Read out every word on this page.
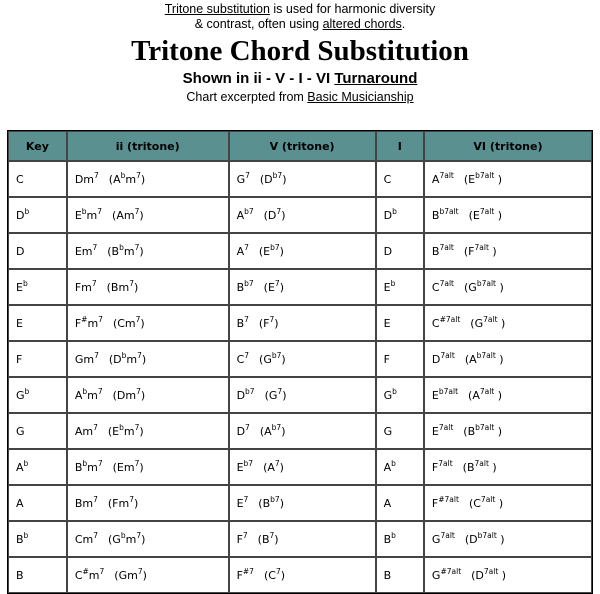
Tritone substitution is used for harmonic diversity
& contrast, often using altered chords.
Tritone Chord Substitution
Shown in ii - V - I - VI Turnaround
Chart excerpted from Basic Musicianship
Key	ii (tritone)	V (tritone)	I	VI (tritone)
C	Dm$^7$ $(A^bm^7)$	$G^7$ $(D^{b7})$	C	$A^{7alt}$ ($E^{b7alt}$ )
$D^b$	$E^bm^7$ (Am$^7$)	$A^{b7}$ $(D^7)$	$D^b$	$B^{b7alt}$ ($E^{7alt}$ )
D	Em$^7$ $(B^bm^7)$	$A^7$ $(E^{b7})$	D	$B^{7alt}$ ($F^{7alt}$ )
$E^b$	Fm$^7$ (Bm$^7$)	$B^{b7}$ $(E^7)$	$E^b$	$C^{7alt}$ ($G^{b7alt}$ )
E	$F^{\#}m^7$ (Cm$^7$)	$B^7$ $(F^7)$	E	$C^{\#7alt}$ ($G^{7alt}$ )
F	Gm$^7$ $(D^bm^7)$	$C^7$ $(G^{b7})$	F	$D^{7alt}$ ($A^{b7alt}$ )
$G^b$	$A^bm^7$ (Dm$^7$)	$D^{b7}$ $(G^7)$	$G^b$	$E^{b7alt}$ ($A^{7alt}$ )
G	Am$^7$ $(E^bm^7)$	$D^7$ $(A^{b7})$	G	$E^{7alt}$ ($B^{b7alt}$ )
$A^b$	$B^bm^7$ (Em$^7$)	$E^{b7}$ $(A^7)$	$A^b$	$F^{7alt}$ ($B^{7alt}$ )
A	Bm$^7$ (Fm$^7$)	$E^7$ $(B^{b7})$	A	$F^{\#7alt}$ ($C^{7alt}$ )
$B^b$	Cm$^7$ $(G^bm^7)$	$F^7$ $(B^7)$	$B^b$	$G^{7alt}$ ($D^{b7alt}$ )
B	$C^{\#}m^7$ (Gm$^7$)	$F^{\#7}$ $(C^7)$	B	$G^{\#7alt}$ ($D^{7alt}$ )
